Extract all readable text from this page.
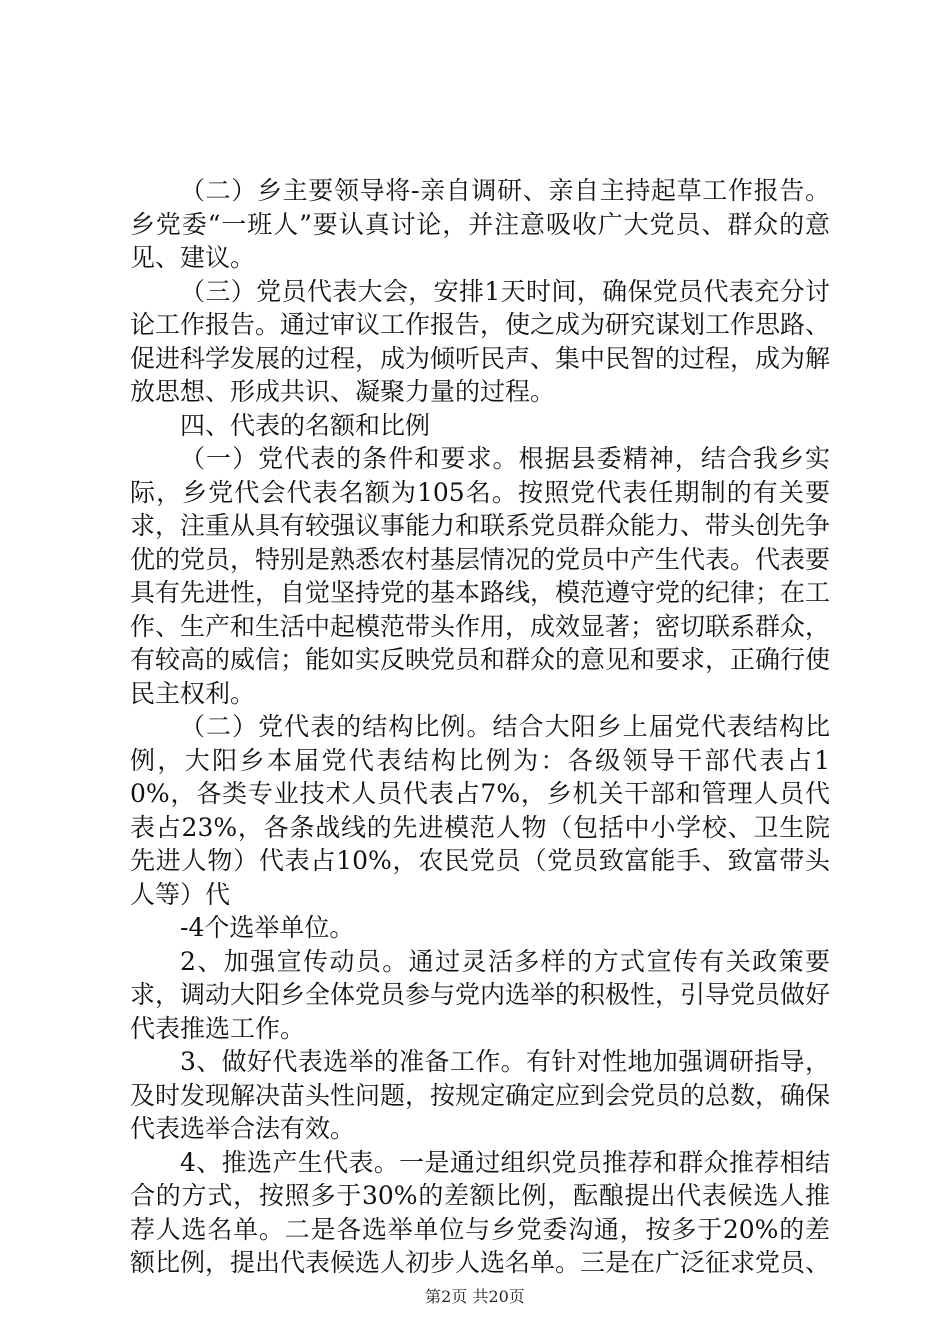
（二）乡主要领导将-亲自调研、亲自主持起草工作报告。乡党委“一班人”要认真讨论，并注意吸收广大党员、群众的意见、建议。

（三）党员代表大会，安排1天时间，确保党员代表充分讨论工作报告。通过审议工作报告，使之成为研究谋划工作思路、促进科学发展的过程，成为倾听民声、集中民智的过程，成为解放思想、形成共识、凝聚力量的过程。

四、代表的名额和比例

（一）党代表的条件和要求。根据县委精神，结合我乡实际，乡党代会代表名额为105名。按照党代表任期制的有关要求，注重从具有较强议事能力和联系党员群众能力、带头创先争优的党员，特别是熟悉农村基层情况的党员中产生代表。代表要具有先进性，自觉坚持党的基本路线，模范遵守党的纪律；在工作、生产和生活中起模范带头作用，成效显著；密切联系群众，有较高的威信；能如实反映党员和群众的意见和要求，正确行使民主权利。

（二）党代表的结构比例。结合大阳乡上届党代表结构比例，大阳乡本届党代表结构比例为：各级领导干部代表占10%，各类专业技术人员代表占7%，乡机关干部和管理人员代表占23%，各条战线的先进模范人物（包括中小学校、卫生院先进人物）代表占10%，农民党员（党员致富能手、致富带头人等）代

-4个选举单位。

2、加强宣传动员。通过灵活多样的方式宣传有关政策要求，调动大阳乡全体党员参与党内选举的积极性，引导党员做好代表推选工作。

3、做好代表选举的准备工作。有针对性地加强调研指导，及时发现解决苗头性问题，按规定确定应到会党员的总数，确保代表选举合法有效。

4、推选产生代表。一是通过组织党员推荐和群众推荐相结合的方式，按照多于30%的差额比例，酝酿提出代表候选人推荐人选名单。二是各选举单位与乡党委沟通，按多于20%的差额比例，提出代表候选人初步人选名单。三是在广泛征求党员、

第2页 共20页
